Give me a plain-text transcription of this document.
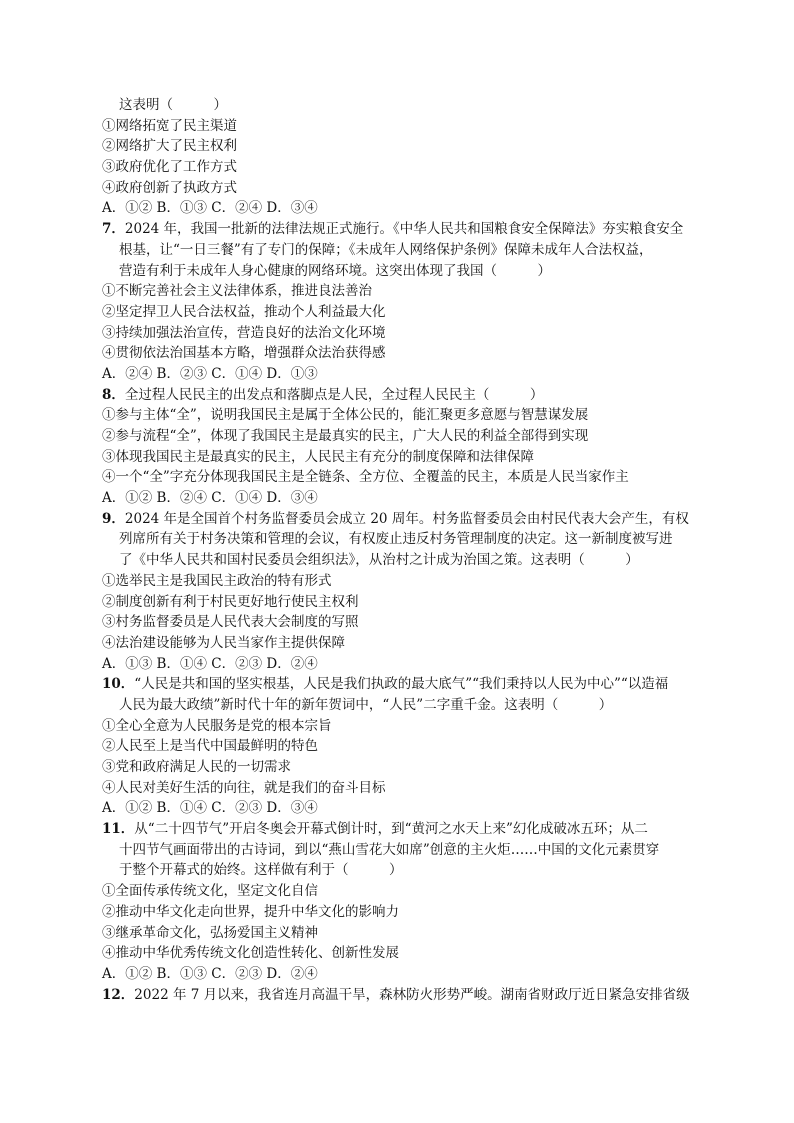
这表明（　　　）
①网络拓宽了民主渠道
②网络扩大了民主权利
③政府优化了工作方式
④政府创新了执政方式
A．①② B．①③ C．②④ D．③④
7．2024 年，我国一批新的法律法规正式施行。《中华人民共和国粮食安全保障法》夯实粮食安全
根基，让“一日三餐”有了专门的保障；《未成年人网络保护条例》保障未成年人合法权益，
营造有利于未成年人身心健康的网络环境。这突出体现了我国（　　　）
①不断完善社会主义法律体系，推进良法善治
②坚定捍卫人民合法权益，推动个人利益最大化
③持续加强法治宣传，营造良好的法治文化环境
④贯彻依法治国基本方略，增强群众法治获得感
A．②④ B．②③ C．①④ D．①③
8．全过程人民民主的出发点和落脚点是人民，全过程人民民主（　　　）
①参与主体“全”，说明我国民主是属于全体公民的，能汇聚更多意愿与智慧谋发展
②参与流程“全”，体现了我国民主是最真实的民主，广大人民的利益全部得到实现
③体现我国民主是最真实的民主，人民民主有充分的制度保障和法律保障
④一个“全”字充分体现我国民主是全链条、全方位、全覆盖的民主，本质是人民当家作主
A．①② B．②④ C．①④ D．③④
9．2024 年是全国首个村务监督委员会成立 20 周年。村务监督委员会由村民代表大会产生，有权
列席所有关于村务决策和管理的会议，有权废止违反村务管理制度的决定。这一新制度被写进
了《中华人民共和国村民委员会组织法》，从治村之计成为治国之策。这表明（　　　）
①选举民主是我国民主政治的特有形式
②制度创新有利于村民更好地行使民主权利
③村务监督委员是人民代表大会制度的写照
④法治建设能够为人民当家作主提供保障
A．①③ B．①④ C．②③ D．②④
10．“人民是共和国的坚实根基，人民是我们执政的最大底气”“我们秉持以人民为中心”“以造福
人民为最大政绩”新时代十年的新年贺词中，“人民”二字重千金。这表明（　　　）
①全心全意为人民服务是党的根本宗旨
②人民至上是当代中国最鲜明的特色
③党和政府满足人民的一切需求
④人民对美好生活的向往，就是我们的奋斗目标
A．①② B．①④ C．②③ D．③④
11．从“二十四节气”开启冬奥会开幕式倒计时，到“黄河之水天上来”幻化成破冰五环；从二
十四节气画面带出的古诗词，到以“燕山雪花大如席”创意的主火炬……中国的文化元素贯穿
于整个开幕式的始终。这样做有利于（　　　）
①全面传承传统文化，坚定文化自信
②推动中华文化走向世界，提升中华文化的影响力
③继承革命文化，弘扬爱国主义精神
④推动中华优秀传统文化创造性转化、创新性发展
A．①② B．①③ C．②③ D．②④
12．2022 年 7 月以来，我省连月高温干旱，森林防火形势严峻。湖南省财政厅近日紧急安排省级
